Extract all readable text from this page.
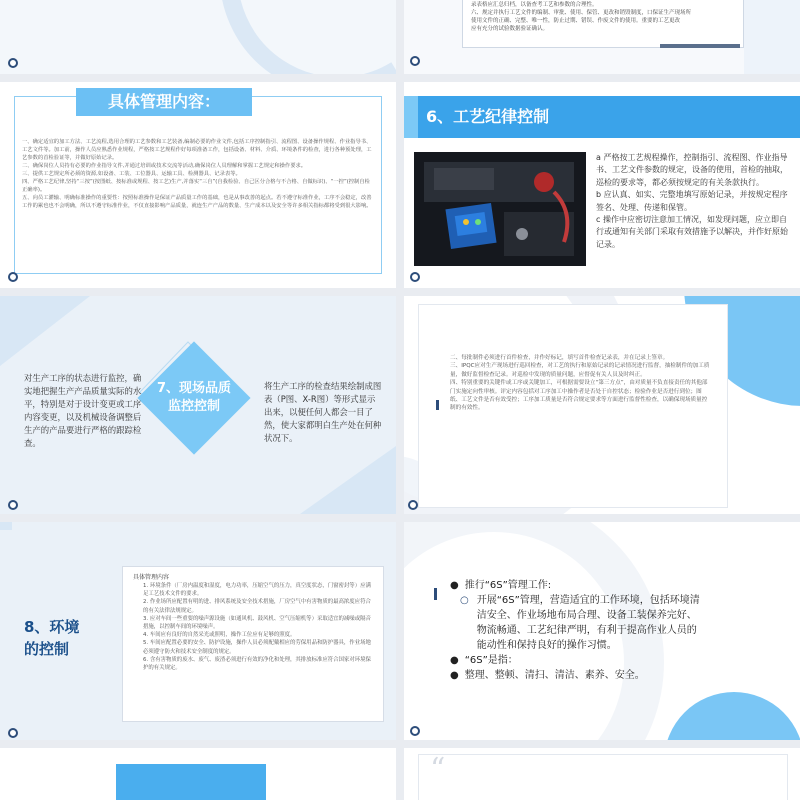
录表格应汇总归档，以备查考工艺和参数的合理性。
六、规定并执行工艺文件的编制、审批、使用、保管、更改和销毁制度，口保证生产现场所
使用文件的正确、完整、唯一性，防止过期、错误、作废文件的使用。重要的工艺更改
应有充分的试验数据验证确认。
具体管理内容：

一、确定适宜的加工方法、工艺流程,选用合理的工艺参数和工艺装备,编制必要的作业文件,包括工序控制指引、流程图、设备操作规程、作业指导书、工艺文件等。加工前，操作人员应熟悉作业规程，严格按工艺规程作好每项准备工作，包括设备、材料、介质、环境条件的检查，进行各种预处理，工艺参数的首检验证等，并做好原始记录。

二、确保岗位人员持有必要的作业指导文件,并通过培训或技术交流等活动,确保岗位人员理解和掌握工艺规定和操作要求。

三、提供工艺规定所必须的资源,如设备、工装、工位器具、运输工具、检测器具、记录表等。

四、严格工艺纪律,坚持“三按”(按图纸、按标准或规程、按工艺)生产,并落实“三自”(自我检验、自己区分合格与不合格、自做标识)、“一控”(控制自检正确率)。

五、向员工灌输、明确标准操作的重要性：按照标准操作是保证产品质量工作的基础，也是从事改善的起点。若不遵守标准作业，工序不会稳定，改善工作的累也也不会明确，所以不遵守标准作业，不仅直接影响产品质量，就连生产产品的数量、生产成本以及安全等许多相关指标都将受到很大影响。

6、工艺纪律控制

a 严格按工艺规程操作，控制指引、流程图、作业指导书、工艺文件参数的规定，设备的使用，首检的抽取，巡检的要求等，都必须按规定的有关条款执行。

b 应认真、如实、完整地填写原始记录，并按规定程序签名、处理、传递和保管。

c 操作中应密切注意加工情况，如发现问题，应立即自行或通知有关部门采取有效措施予以解决，并作好原始记录。

7、现场品质
监控控制
对生产工序的状态进行监控，确实地把握生产产品质量实际的水平，特别是对于设计变更或工序内容变更，以及机械设备调整后生产的产品要进行严格的跟踪检查。
将生产工序的检查结果绘制成图表（P图、X-R图）等形式显示出来，以便任何人都会一目了然，使大家都明白生产处在何种状况下。

二、每批制件必须进行首件检查，并作好标记，填写首件检查记录表，并在记录上签章。

三、IPQC应对生产现场进行巡回检查，对工艺的执行和原始记录的记录情况进行监督，抽检制件的加工质量，做好监督检查记录。对巡检中发现的质量问题，应督促有关人员及时纠正。

四、特别重要的关键件或工序或关键加工，可根据需要设立“第三方点”，由对质量不负直接责任的其他部门实施定向性审核。评定内容包括对工序加工中操作者是否处于自控状态；检验作业是否进行到位；图纸、工艺文件是否有效受控；工序加工质量是否符合规定要求等方面进行监督性检查，以确保现场质量控制的有效性。

8、环境
的控制
具体管理内容

1. 环境条件（厂房内温度和湿度，电力功率，压缩空气的压力，真空度状态，门窗密封等）应满足工艺技术文件的要求。

2. 作业场所应配置有明的进、排风系统及安全技术措施，厂房空气中有害物质的最高浓度应符合的有关法律法规规定。

3. 应对车间一些重要的噪声源设施（如通风机、鼓风机、空气压缩机等）采取适宜的减噪或隔音措施，以控制车间的环境噪声。

4. 车间应有良好的自然采光或照明，操作工位应有足够的照度。

5. 车间应配置必要的安全、防护设施，操作人员必须配戴相应的劳保用品和防护器具，作业场地必须遵守防火和技术安全制度的规定。

6. 含有害物质的废水、废气、废渣必须进行有效的净化和处理，其排放标准应符合国家对环境保护的有关规定。

● 推行“6S”管理工作:
○ 开展“6S”管理，营造适宜的工作环境，包括环境清洁安全、作业场地布局合理、设备工装保养完好、物流畅通、工艺纪律严明，有利于提高作业人员的能动性和保持良好的操作习惯。
● “6S”是指：
● 整理、整顿、清扫、清洁、素养、安全。
“
